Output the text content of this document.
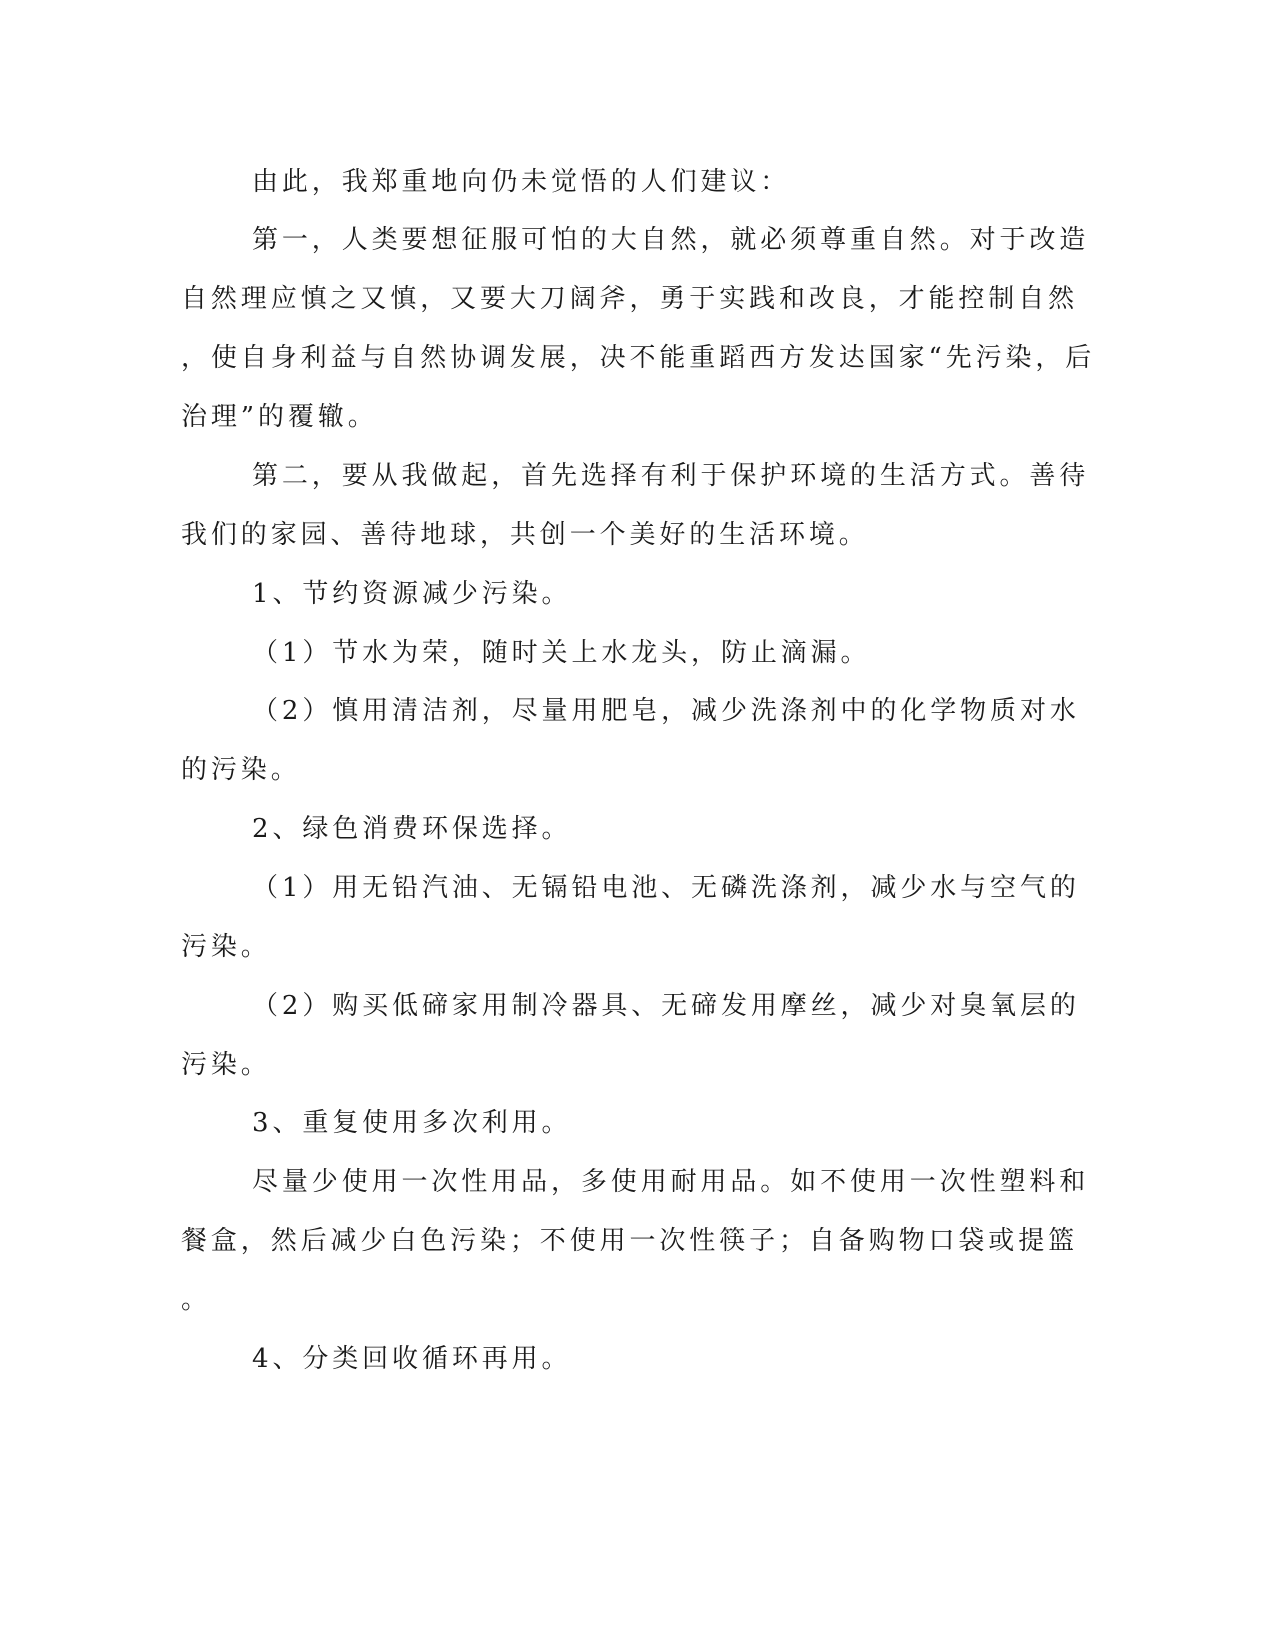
由此，我郑重地向仍未觉悟的人们建议：

第一，人类要想征服可怕的大自然，就必须尊重自然。对于改造

自然理应慎之又慎，又要大刀阔斧，勇于实践和改良，才能控制自然

，使自身利益与自然协调发展，决不能重蹈西方发达国家“先污染，后

治理”的覆辙。

第二，要从我做起，首先选择有利于保护环境的生活方式。善待

我们的家园、善待地球，共创一个美好的生活环境。

1、节约资源减少污染。

（1）节水为荣，随时关上水龙头，防止滴漏。

（2）慎用清洁剂，尽量用肥皂，减少洗涤剂中的化学物质对水

的污染。

2、绿色消费环保选择。

（1）用无铅汽油、无镉铅电池、无磷洗涤剂，减少水与空气的

污染。

（2）购买低碲家用制冷器具、无碲发用摩丝，减少对臭氧层的

污染。

3、重复使用多次利用。

尽量少使用一次性用品，多使用耐用品。如不使用一次性塑料和

餐盒，然后减少白色污染；不使用一次性筷子；自备购物口袋或提篮

。

4、分类回收循环再用。
